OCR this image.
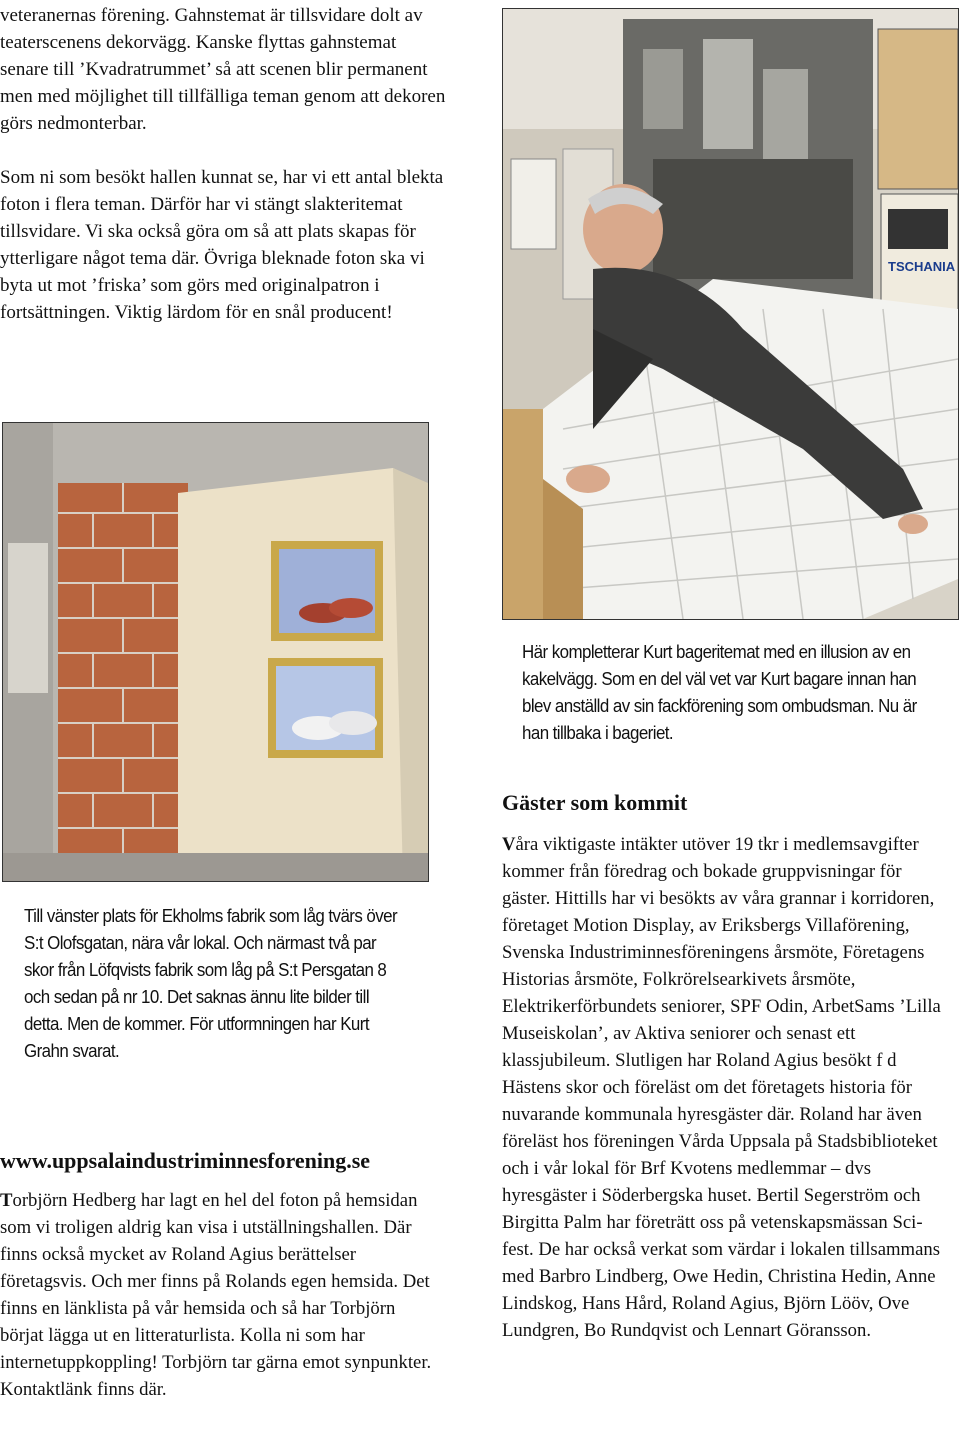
veteranernas förening. Gahnstemat är tillsvidare dolt av teaterscenens dekorvägg. Kanske flyttas gahnstemat senare till ’Kvadratrummet’ så att scenen blir permanent men med möjlighet till tillfälliga teman genom att dekoren görs nedmonterbar.

Som ni som besökt hallen kunnat se, har vi ett antal blekta foton i flera teman. Därför har vi stängt slakteritemat tillsvidare. Vi ska också göra om så att plats skapas för ytterligare något tema där. Övriga bleknade foton ska vi byta ut mot ’friska’ som görs med originalpatron i fortsättningen. Viktig lärdom för en snål producent!

TSCHANIA
Här kompletterar Kurt bageritemat med en illusion av en kakelvägg. Som en del väl vet var Kurt bagare innan han blev anställd av sin fackförening som ombudsman. Nu är han tillbaka i bageriet.
Gäster som kommit

Våra viktigaste intäkter utöver 19 tkr i medlemsavgifter kommer från föredrag och bokade gruppvisningar för gäster. Hittills har vi besökts av våra grannar i korridoren, företaget Motion Display, av Eriksbergs Villaförening, Svenska Industriminnesföreningens årsmöte, Företagens Historias årsmöte, Folkrörelsearkivets årsmöte, Elektrikerförbundets seniorer, SPF Odin, ArbetSams ’Lilla Museiskolan’, av Aktiva seniorer och senast ett klassjubileum. Slutligen har Roland Agius besökt f d Hästens skor och föreläst om det företagets historia för nuvarande kommunala hyresgäster där. Roland har även föreläst hos föreningen Vårda Uppsala på Stadsbiblioteket och i vår lokal för Brf Kvotens medlemmar – dvs hyresgäster i Söderbergska huset. Bertil Segerström och Birgitta Palm har företrätt oss på vetenskapsmässan Sci-fest. De har också verkat som värdar i lokalen tillsammans med Barbro Lindberg, Owe Hedin, Christina Hedin, Anne Lindskog, Hans Hård, Roland Agius, Björn Lööv, Ove Lundgren, Bo Rundqvist och Lennart Göransson.

Till vänster plats för Ekholms fabrik som låg tvärs över S:t Olofsgatan, nära vår lokal. Och närmast två par skor från Löfqvists fabrik som låg på S:t Persgatan 8 och sedan på nr 10. Det saknas ännu lite bilder till detta. Men de kommer. För utformningen har Kurt Grahn svarat.
www.uppsalaindustriminnesforening.se

Torbjörn Hedberg har lagt en hel del foton på hemsidan som vi troligen aldrig kan visa i utställningshallen. Där finns också mycket av Roland Agius berättelser företagsvis. Och mer finns på Rolands egen hemsida. Det finns en länklista på vår hemsida och så har Torbjörn börjat lägga ut en litteraturlista. Kolla ni som har internetuppkoppling! Torbjörn tar gärna emot synpunkter. Kontaktlänk finns där.
